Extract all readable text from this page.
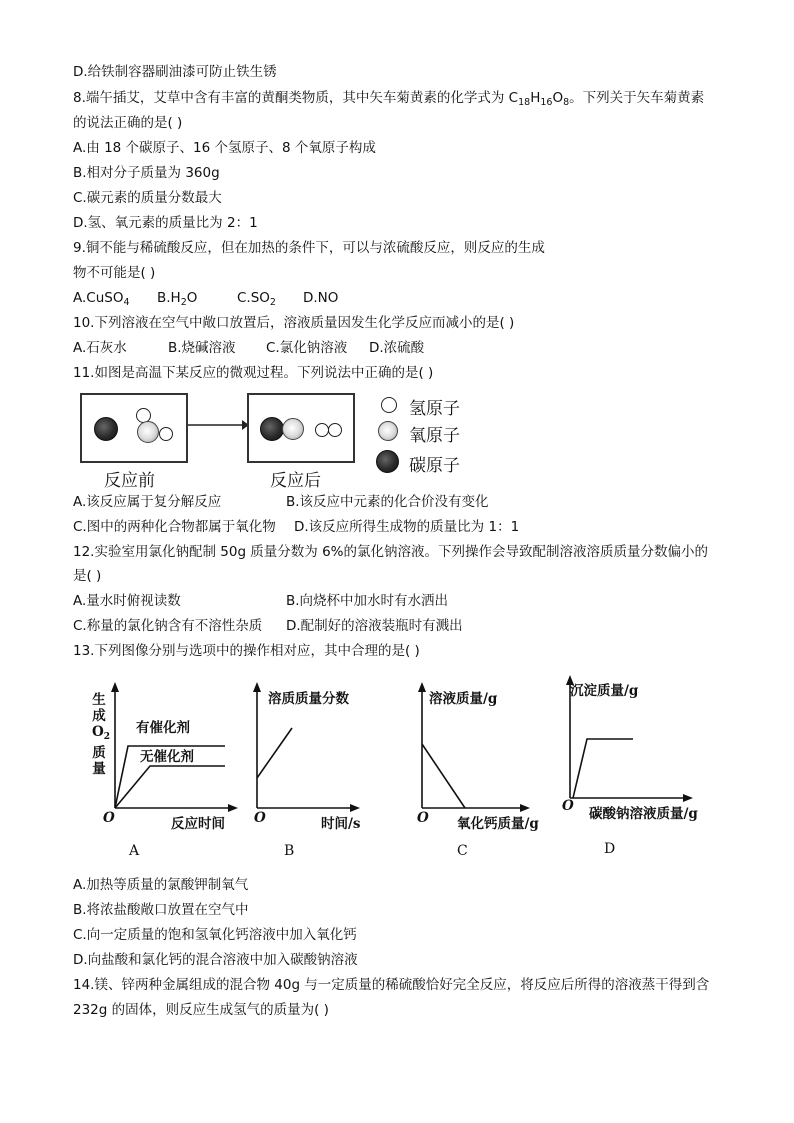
D.给铁制容器刷油漆可防止铁生锈
8.端午插艾，艾草中含有丰富的黄酮类物质，其中矢车菊黄素的化学式为 $C_{18}H_{16}O_8$。下列关于矢车菊黄素
的说法正确的是( )
A.由 18 个碳原子、16 个氢原子、8 个氧原子构成
B.相对分子质量为 360g
C.碳元素的质量分数最大
D.氢、氧元素的质量比为 2：1
9.铜不能与稀硫酸反应，但在加热的条件下，可以与浓硫酸反应，则反应的生成
物不可能是( )
A.CuSO$_4$ $B.H_2O$	$C.SO_2$ D.NO
10.下列溶液在空气中敞口放置后，溶液质量因发生化学反应而减小的是( )
A.石灰水	B.烧碱溶液 C.氯化钠溶液 D.浓硫酸
11.如图是高温下某反应的微观过程。下列说法中正确的是( )
反应前	反应后
氢原子
氧原子
碳原子
A.该反应属于复分解反应	B.该反应中元素的化合价没有变化
C.图中的两种化合物都属于氧化物 D.该反应所得生成物的质量比为 1：1
12.实验室用氯化钠配制 50g 质量分数为 6%的氯化钠溶液。下列操作会导致配制溶液溶质质量分数偏小的
是( )
A.量水时俯视读数	B.向烧杯中加水时有水洒出
C.称量的氯化钠含有不溶性杂质 D.配制好的溶液装瓶时有溅出
13.下列图像分别与选项中的操作相对应，其中合理的是( )
生
成
$O_2$
质
量
有催化剂
无催化剂
O	反应时间
A
溶质质量分数
O	时间/s
B
溶液质量/g
O 氧化钙质量/g
C
沉淀质量/g
O 碳酸钠溶液质量/g
D
A.加热等质量的氯酸钾制氧气
B.将浓盐酸敞口放置在空气中
C.向一定质量的饱和氢氧化钙溶液中加入氧化钙
D.向盐酸和氯化钙的混合溶液中加入碳酸钠溶液
14.镁、锌两种金属组成的混合物 40g 与一定质量的稀硫酸恰好完全反应，将反应后所得的溶液蒸干得到含
232g 的固体，则反应生成氢气的质量为( )
